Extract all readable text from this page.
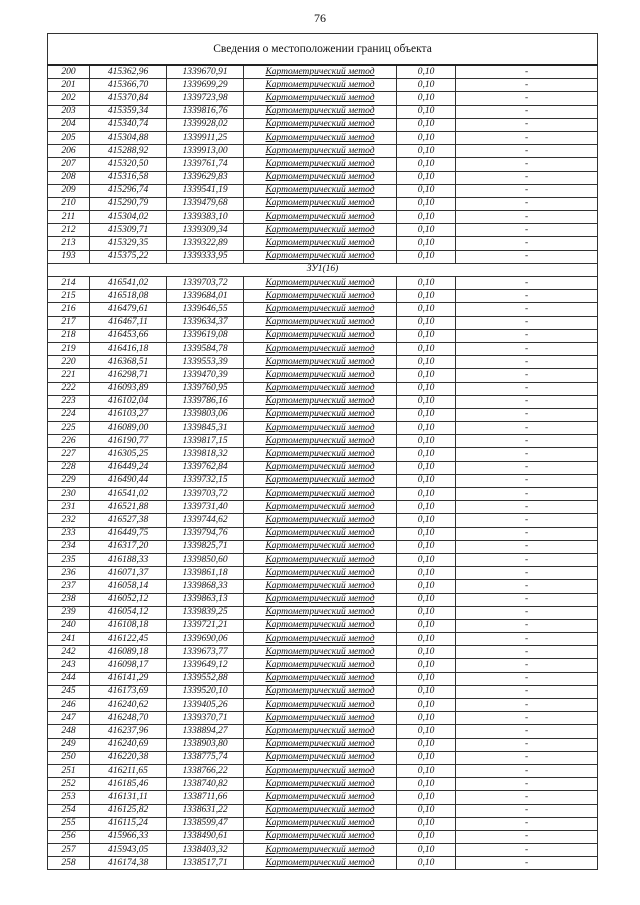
76
Сведения о местоположении границ объекта					
200	415362,96	1339670,91	Картометрический метод	0,10	-
201	415366,70	1339699,29	Картометрический метод	0,10	-
202	415370,84	1339723,98	Картометрический метод	0,10	-
203	415359,34	1339816,76	Картометрический метод	0,10	-
204	415340,74	1339928,02	Картометрический метод	0,10	-
205	415304,88	1339911,25	Картометрический метод	0,10	-
206	415288,92	1339913,00	Картометрический метод	0,10	-
207	415320,50	1339761,74	Картометрический метод	0,10	-
208	415316,58	1339629,83	Картометрический метод	0,10	-
209	415296,74	1339541,19	Картометрический метод	0,10	-
210	415290,79	1339479,68	Картометрический метод	0,10	-
211	415304,02	1339383,10	Картометрический метод	0,10	-
212	415309,71	1339309,34	Картометрический метод	0,10	-
213	415329,35	1339322,89	Картометрический метод	0,10	-
193	415375,22	1339333,95	Картометрический метод	0,10	-
ЗУ1(16)					
214	416541,02	1339703,72	Картометрический метод	0,10	-
215	416518,08	1339684,01	Картометрический метод	0,10	-
216	416479,61	1339646,55	Картометрический метод	0,10	-
217	416467,11	1339634,37	Картометрический метод	0,10	-
218	416453,66	1339619,08	Картометрический метод	0,10	-
219	416416,18	1339584,78	Картометрический метод	0,10	-
220	416368,51	1339553,39	Картометрический метод	0,10	-
221	416298,71	1339470,39	Картометрический метод	0,10	-
222	416093,89	1339760,95	Картометрический метод	0,10	-
223	416102,04	1339786,16	Картометрический метод	0,10	-
224	416103,27	1339803,06	Картометрический метод	0,10	-
225	416089,00	1339845,31	Картометрический метод	0,10	-
226	416190,77	1339817,15	Картометрический метод	0,10	-
227	416305,25	1339818,32	Картометрический метод	0,10	-
228	416449,24	1339762,84	Картометрический метод	0,10	-
229	416490,44	1339732,15	Картометрический метод	0,10	-
230	416541,02	1339703,72	Картометрический метод	0,10	-
231	416521,88	1339731,40	Картометрический метод	0,10	-
232	416527,38	1339744,62	Картометрический метод	0,10	-
233	416449,75	1339794,76	Картометрический метод	0,10	-
234	416317,20	1339825,71	Картометрический метод	0,10	-
235	416188,33	1339850,60	Картометрический метод	0,10	-
236	416071,37	1339861,18	Картометрический метод	0,10	-
237	416058,14	1339868,33	Картометрический метод	0,10	-
238	416052,12	1339863,13	Картометрический метод	0,10	-
239	416054,12	1339839,25	Картометрический метод	0,10	-
240	416108,18	1339721,21	Картометрический метод	0,10	-
241	416122,45	1339690,06	Картометрический метод	0,10	-
242	416089,18	1339673,77	Картометрический метод	0,10	-
243	416098,17	1339649,12	Картометрический метод	0,10	-
244	416141,29	1339552,88	Картометрический метод	0,10	-
245	416173,69	1339520,10	Картометрический метод	0,10	-
246	416240,62	1339405,26	Картометрический метод	0,10	-
247	416248,70	1339370,71	Картометрический метод	0,10	-
248	416237,96	1338894,27	Картометрический метод	0,10	-
249	416240,69	1338903,80	Картометрический метод	0,10	-
250	416220,38	1338775,74	Картометрический метод	0,10	-
251	416211,65	1338766,22	Картометрический метод	0,10	-
252	416185,46	1338740,82	Картометрический метод	0,10	-
253	416131,11	1338711,66	Картометрический метод	0,10	-
254	416125,82	1338631,22	Картометрический метод	0,10	-
255	416115,24	1338599,47	Картометрический метод	0,10	-
256	415966,33	1338490,61	Картометрический метод	0,10	-
257	415943,05	1338403,32	Картометрический метод	0,10	-
258	416174,38	1338517,71	Картометрический метод	0,10	-
